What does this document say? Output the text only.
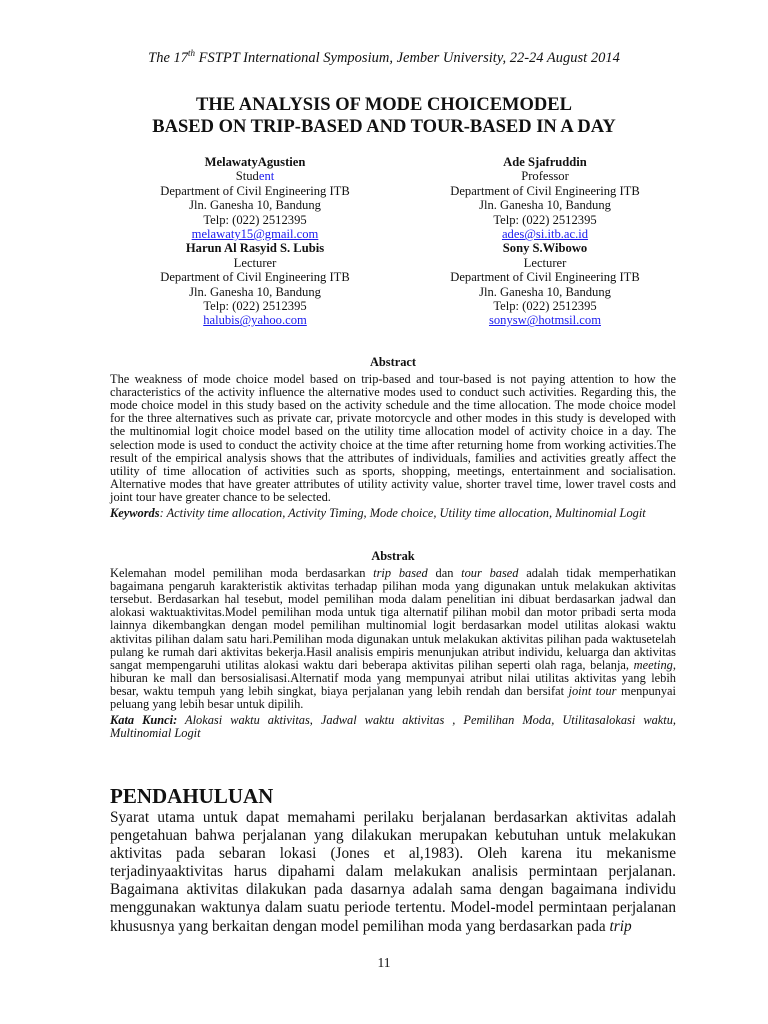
The 17th FSTPT International Symposium, Jember University, 22-24 August 2014
THE ANALYSIS OF MODE CHOICEMODEL
BASED ON TRIP-BASED AND TOUR-BASED IN A DAY
MelawatyAgustien
Student
Department of Civil Engineering ITB
Jln. Ganesha 10, Bandung
Telp: (022) 2512395
melawaty15@gmail.com
Ade Sjafruddin
Professor
Department of Civil Engineering ITB
Jln. Ganesha 10, Bandung
Telp: (022) 2512395
ades@si.itb.ac.id
Harun Al Rasyid S. Lubis
Lecturer
Department of Civil Engineering ITB
Jln. Ganesha 10, Bandung
Telp: (022) 2512395
halubis@yahoo.com
Sony S.Wibowo
Lecturer
Department of Civil Engineering ITB
Jln. Ganesha 10, Bandung
Telp: (022) 2512395
sonysw@hotmsil.com
Abstract

The weakness of mode choice model based on trip-based and tour-based is not paying attention to how the characteristics of the activity influence the alternative modes used to conduct such activities. Regarding this, the mode choice model in this study based on the activity schedule and the time allocation. The mode choice model for the three alternatives such as private car, private motorcycle and other modes in this study is developed with the multinomial logit choice model based on the utility time allocation model of activity choice in a day. The selection mode is used to conduct the activity choice at the time after returning home from working activities.The result of the empirical analysis shows that the attributes of individuals, families and activities greatly affect the utility of time allocation of activities such as sports, shopping, meetings, entertainment and socialisation. Alternative modes that have greater attributes of utility activity value, shorter travel time, lower travel costs and joint tour have greater chance to be selected.

Keywords: Activity time allocation, Activity Timing, Mode choice, Utility time allocation, Multinomial Logit

Abstrak

Kelemahan model pemilihan moda berdasarkan trip based dan tour based adalah tidak memperhatikan bagaimana pengaruh karakteristik aktivitas terhadap pilihan moda yang digunakan untuk melakukan aktivitas tersebut. Berdasarkan hal tesebut, model pemilihan moda dalam penelitian ini dibuat berdasarkan jadwal dan alokasi waktuaktivitas.Model pemilihan moda untuk tiga alternatif pilihan mobil dan motor pribadi serta moda lainnya dikembangkan dengan model pemilihan multinomial logit berdasarkan model utilitas alokasi waktu aktivitas pilihan dalam satu hari.Pemilihan moda digunakan untuk melakukan aktivitas pilihan pada waktusetelah pulang ke rumah dari aktivitas bekerja.Hasil analisis empiris menunjukan atribut individu, keluarga dan aktivitas sangat mempengaruhi utilitas alokasi waktu dari beberapa aktivitas pilihan seperti olah raga, belanja, meeting, hiburan ke mall dan bersosialisasi.Alternatif moda yang mempunyai atribut nilai utilitas aktivitas yang lebih besar, waktu tempuh yang lebih singkat, biaya perjalanan yang lebih rendah dan bersifat joint tour menpunyai peluang yang lebih besar untuk dipilih.

Kata Kunci: Alokasi waktu aktivitas, Jadwal waktu aktivitas , Pemilihan Moda, Utilitasalokasi waktu, Multinomial Logit

PENDAHULUAN

Syarat utama untuk dapat memahami perilaku berjalanan berdasarkan aktivitas adalah pengetahuan bahwa perjalanan yang dilakukan merupakan kebutuhan untuk melakukan aktivitas pada sebaran lokasi (Jones et al,1983). Oleh karena itu mekanisme terjadinyaaktivitas harus dipahami dalam melakukan analisis permintaan perjalanan. Bagaimana aktivitas dilakukan pada dasarnya adalah sama dengan bagaimana individu menggunakan waktunya dalam suatu periode tertentu. Model-model permintaan perjalanan khususnya yang berkaitan dengan model pemilihan moda yang berdasarkan pada trip

11
